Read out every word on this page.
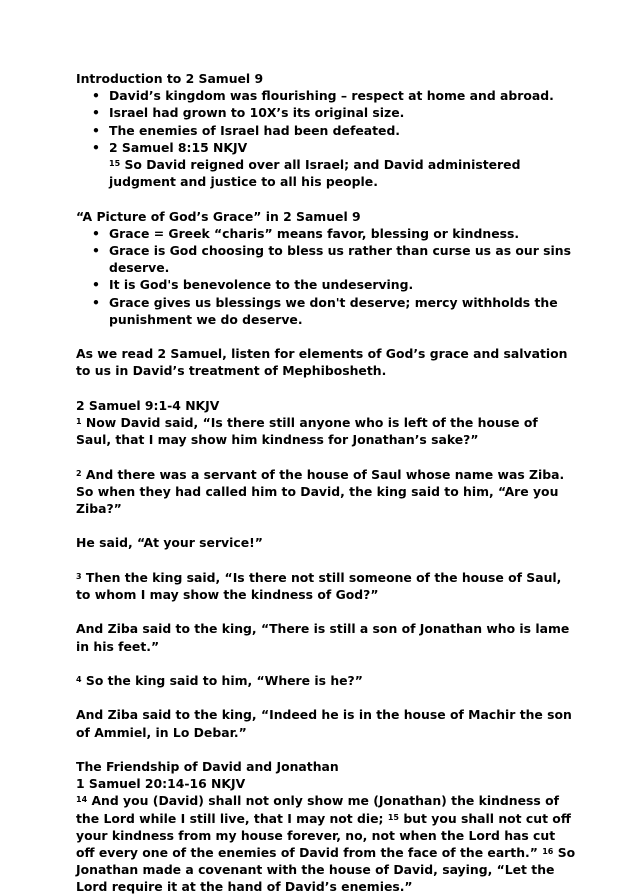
Introduction to 2 Samuel 9

• David’s kingdom was flourishing – respect at home and abroad.
• Israel had grown to 10X’s its original size.
• The enemies of Israel had been defeated.
• 2 Samuel 8:15 NKJV
$^{15}$ So David reigned over all Israel; and David administered judgment and justice to all his people.

“A Picture of God’s Grace” in 2 Samuel 9

• Grace = Greek “charis” means favor, blessing or kindness.
• Grace is God choosing to bless us rather than curse us as our sins deserve.
• It is God's benevolence to the undeserving.
• Grace gives us blessings we don't deserve; mercy withholds the punishment we do deserve.

As we read 2 Samuel, listen for elements of God’s grace and salvation to us in David’s treatment of Mephibosheth.

2 Samuel 9:1-4 NKJV

$^1$ Now David said, “Is there still anyone who is left of the house of Saul, that I may show him kindness for Jonathan’s sake?”

$^2$ And there was a servant of the house of Saul whose name was Ziba. So when they had called him to David, the king said to him, “Are you Ziba?”

He said, “At your service!”

$^3$ Then the king said, “Is there not still someone of the house of Saul, to whom I may show the kindness of God?”

And Ziba said to the king, “There is still a son of Jonathan who is lame in his feet.”

$^4$ So the king said to him, “Where is he?”

And Ziba said to the king, “Indeed he is in the house of Machir the son of Ammiel, in Lo Debar.”

The Friendship of David and Jonathan

1 Samuel 20:14-16 NKJV

$^{14}$ And you (David) shall not only show me (Jonathan) the kindness of the Lord while I still live, that I may not die; $^{15}$ but you shall not cut off your kindness from my house forever, no, not when the Lord has cut off every one of the enemies of David from the face of the earth.” $^{16}$ So Jonathan made a covenant with the house of David, saying, “Let the Lord require it at the hand of David’s enemies.”
